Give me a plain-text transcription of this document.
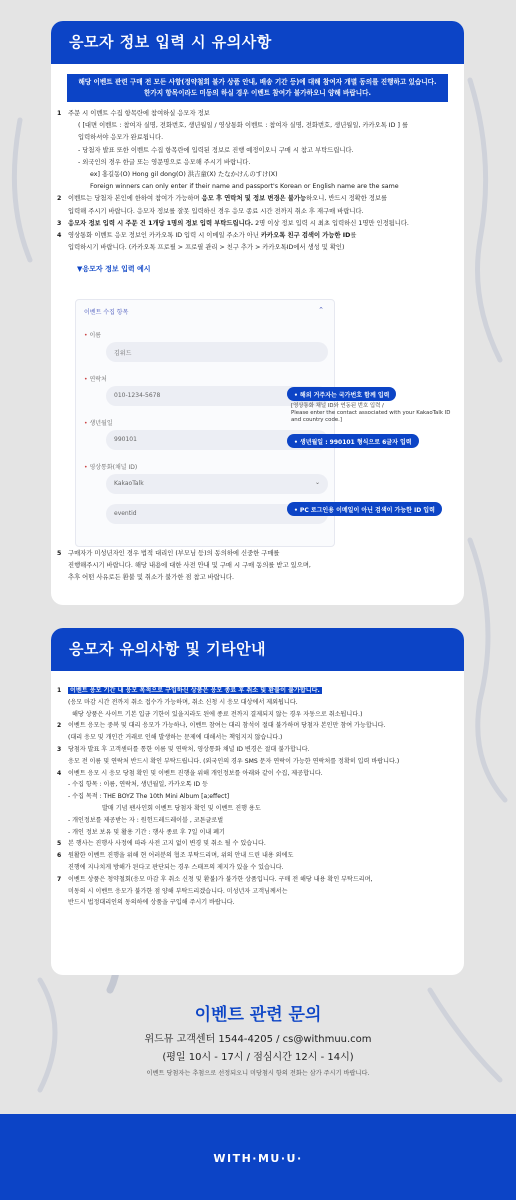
응모자 정보 입력 시 유의사항
해당 이벤트 관련 구매 전 모든 사항(정약철회 불가 상품 안내, 배송 기간 등)에 대해 참여자 개별 동의를 진행하고 있습니다.
한가지 항목이라도 미동의 하실 경우 이벤트 참여가 불가하오니 양해 바랍니다.
1 주문 시 이벤트 수집 항목란에 참여하실 응모자 정보
( [대면 이벤트 : 참여자 실명, 전화번호, 생년월일 / 영상통화 이벤트 : 참여자 실명, 전화번호, 생년월일, 카카오톡 ID ] 를
입력하셔야 응모가 완료됩니다.
- 당첨자 발표 또한 이벤트 수집 항목란에 입력된 정보로 진행 예정이오니 구매 시 참고 부탁드립니다.
- 외국인의 경우 한글 또는 영문명으로 응모해 주시기 바랍니다.
ex] 홍길동(O) Hong gil dong(O) 洪吉童(X) たなかけんのすけ(X)
Foreign winners can only enter if their name and passport's Korean or English name are the same
2 이벤트는 당첨자 본인에 한하여 참여가 가능하며 응모 후 연락처 및 정보 변경은 불가능하오니, 반드시 정확한 정보를
입력해 주시기 바랍니다. 응모자 정보를 잘못 입력하신 경우 응모 종료 시간 전까지 취소 후 재구매 바랍니다.
3 응모자 정보 입력 시 주문 건 1개당 1명의 정보 입력 부탁드립니다. 2명 이상 정보 입력 시 최초 입력하신 1명만 인정됩니다.
4 영상통화 이벤트 응모 정보인 카카오톡 ID 입력 시 이메일 주소가 아닌 카카오톡 친구 검색이 가능한 ID를
입력하시기 바랍니다. (카카오톡 프로필 > 프로필 관리 > 친구 추가 > 카카오톡ID에서 생성 및 확인)
▼응모자 정보 입력 예시
이벤트 수집 항목	⌃
• 이름
김위드
• 연락처
010-1234-5678
• 생년월일
990101
• 영상통화(채널 ID)
KakaoTalk	⌄
eventid
• 해외 거주자는 국가번호 함께 입력
[영상통화 채널 ID와 연동된 번호 입력 /
Please enter the contact associated with your KakaoTalk ID
and country code.]
• 생년월일 : 990101 형식으로 6글자 입력
• PC 로그인용 이메일이 아닌 검색이 가능한 ID 입력
5 구매자가 미성년자인 경우 법적 대리인 (부모님 등)의 동의하에 신중한 구매를
진행해주시기 바랍니다. 해당 내용에 대한 사전 안내 및 구매 시 구매 동의를 받고 있으며,
추후 어떤 사유로든 환불 및 취소가 불가한 점 참고 바랍니다.
응모자 유의사항 및 기타안내
1	이벤트 응모 기간 내 응모 목적으로 구입하신 상품은 응모 종료 후 취소 및 환불이 불가합니다.
(응모 마감 시간 전까지 취소 접수가 가능하며, 취소 신청 시 응모 대상에서 제외됩니다.
해당 상품은 사이트 기본 입금 기한이 있을지라도 된에 종료 전까지 결제되지 않는 경우 자동으로 취소됩니다.)
2 이벤트 응모는 중복 및 대리 응모가 가능하나, 이벤트 참여는 대리 참석이 절대 불가하며 당첨자 본인만 참여 가능합니다.
(대리 응모 및 개인간 거래로 인해 발생하는 문제에 대해서는 책임지지 않습니다.)
3 당첨자 발표 후 고객센터를 통한 이름 및 연락처, 영상통화 채널 ID 변경은 절대 불가합니다.
응모 전 이름 및 연락처 반드시 확인 부탁드립니다. (외국인의 경우 SMS 문자 연락이 가능한 연락처를 정확히 입력 바랍니다.)
4 이벤트 응모 시 응모 당첨 확인 및 이벤트 진행을 위해 개인정보를 아래와 같이 수집, 제공합니다.
- 수집 항목 : 이름, 연락처, 생년월일, 카카오톡 ID 등
- 수집 목적 : THE BOYZ The 10th Mini Album [a;effect]
발매 기념 팬사인회 이벤트 당첨자 확인 및 이벤트 진행 용도
- 개인정보를 제공받는 자 : 원헌드레드레이블 , 코튼글로벌
- 개인 정보 보유 및 활용 기간 : 행사 종료 후 7일 이내 폐기
5 본 행사는 진행사 사정에 따라 사전 고지 없이 변경 및 취소 될 수 있습니다.
6 원활한 이벤트 진행을 위해 현 어러분의 협조 부탁드리며, 위의 안내 드린 내용 외에도
진행에 지나치게 방해가 된다고 판단되는 경우 스태프의 제지가 있을 수 있습니다.
7 이벤트 상품은 청약철회(응모 마감 후 취소 신청 및 환불)가 불가한 상품입니다. 구매 전 해당 내용 확인 부탁드리며,
미동의 시 이벤트 응모가 불가한 점 양해 부탁드리겠습니다. 미성년자 고객님께서는
반드시 법정대리인의 동의하에 상품을 구입해 주시기 바랍니다.
이벤트 관련 문의
위드뮤 고객센터 1544-4205 / cs@withmuu.com
(평일 10시 - 17시 / 점심시간 12시 - 14시)
이벤트 당첨자는 추첨으로 선정되오니 미당첨시 항의 전화는 삼가 주시기 바랍니다.
WITH·MU·U·
